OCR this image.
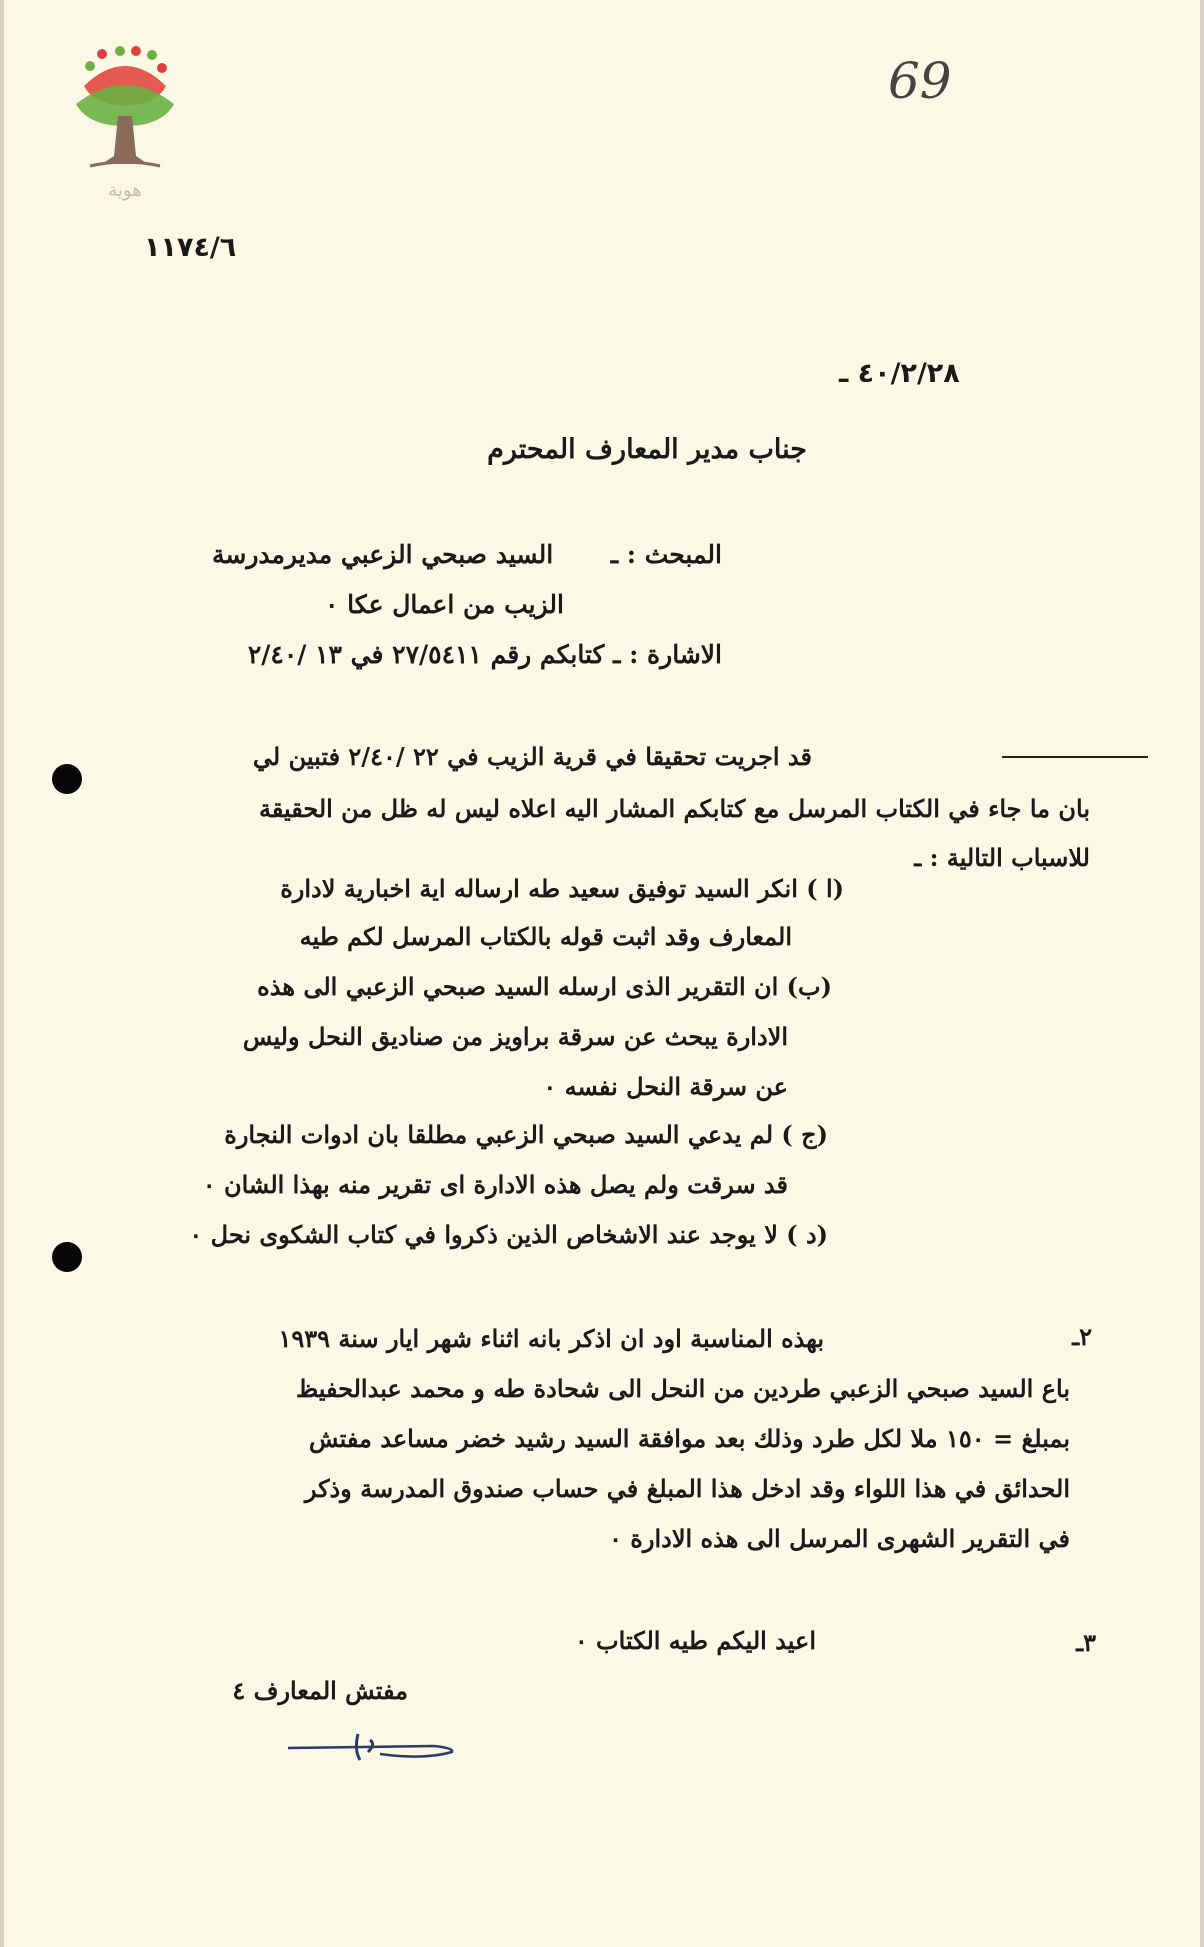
هوية
69
١١٧٤/٦
٤٠/٢/٢٨ ـ
جناب مدير المعارف المحترم
المبحث : ـ
السيد صبحي الزعبي مديرمدرسة
الزيب من اعمال عكا ٠
الاشارة : ـ كتابكم رقم ٢٧/٥٤١١ في ١٣ /٢/٤٠
قد اجريت تحقيقا في قرية الزيب في ٢٢ /٢/٤٠ فتبين لي
بان ما جاء في الكتاب المرسل مع كتابكم المشار اليه اعلاه ليس له ظل من الحقيقة
للاسباب التالية : ـ
(ا ) انكر السيد توفيق سعيد طه ارساله اية اخبارية لادارة
المعارف وقد اثبت قوله بالكتاب المرسل لكم طيه
(ب) ان التقرير الذى ارسله السيد صبحي الزعبي الى هذه
الادارة يبحث عن سرقة براويز من صناديق النحل وليس
عن سرقة النحل نفسه ٠
(ج ) لم يدعي السيد صبحي الزعبي مطلقا بان ادوات النجارة
قد سرقت ولم يصل هذه الادارة اى تقرير منه بهذا الشان ٠
(د ) لا يوجد عند الاشخاص الذين ذكروا في كتاب الشكوى نحل ٠
٢ـ
بهذه المناسبة اود ان اذكر بانه اثناء شهر ايار سنة ١٩٣٩
باع السيد صبحي الزعبي طردين من النحل الى شحادة طه و محمد عبدالحفيظ
بمبلغ = ١٥٠ ملا لكل طرد وذلك بعد موافقة السيد رشيد خضر مساعد مفتش
الحدائق في هذا اللواء وقد ادخل هذا المبلغ في حساب صندوق المدرسة وذكر
في التقرير الشهرى المرسل الى هذه الادارة ٠
٣ـ
اعيد اليكم طيه الكتاب ٠
مفتش المعارف ٤
